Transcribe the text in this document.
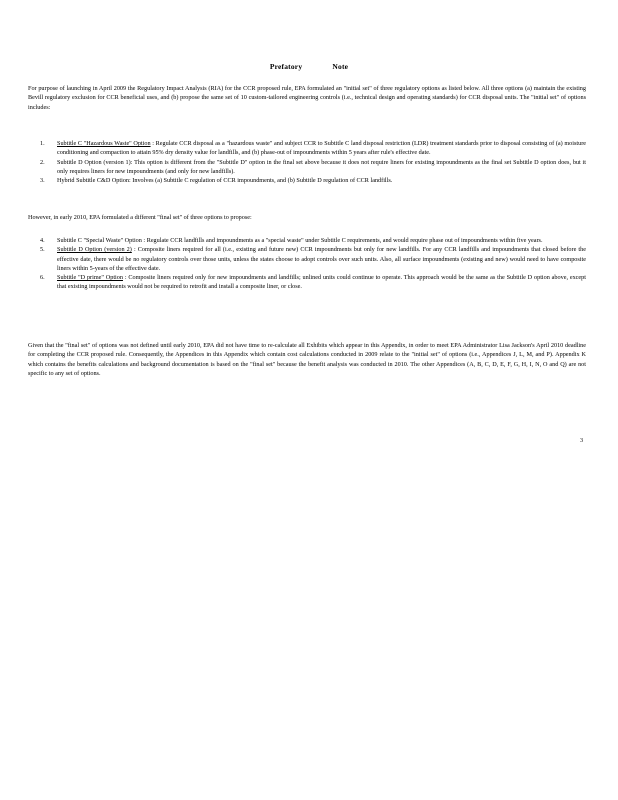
Prefatory	Note
For purpose of launching in April 2009 the Regulatory Impact Analysis (RIA) for the CCR proposed rule, EPA formulated an "initial set" of three regulatory options as listed below. All three options (a) maintain the existing Bevill regulatory exclusion for CCR beneficial uses, and (b) propose the same set of 10 custom-tailored engineering controls (i.e., technical design and operating standards) for CCR disposal units. The "initial set" of options includes:
1. Subtitle C "Hazardous Waste" Option : Regulate CCR disposal as a "hazardous waste" and subject CCR to Subtitle C land disposal restriction (LDR) treatment standards prior to disposal consisting of (a) moisture conditioning and compaction to attain 95% dry density value for landfills, and (b) phase-out of impoundments within 5 years after rule's effective date.
2. Subtitle D Option (version 1): This option is different from the "Subtitle D" option in the final set above because it does not require liners for existing impoundments as the final set Subtitle D option does, but it only requires liners for new impoundments (and only for new landfills).
3. Hybrid Subtitle C&D Option: Involves (a) Subtitle C regulation of CCR impoundments, and (b) Subtitle D regulation of CCR landfills.
However, in early 2010, EPA formulated a different "final set" of three options to propose:
4. Subtitle C "Special Waste" Option : Regulate CCR landfills and impoundments as a "special waste" under Subtitle C requirements, and would require phase out of impoundments within five years.
5. Subtitle D Option (version 2) : Composite liners required for all (i.e., existing and future new) CCR impoundments but only for new landfills. For any CCR landfills and impoundments that closed before the effective date, there would be no regulatory controls over those units, unless the states choose to adopt controls over such units. Also, all surface impoundments (existing and new) would need to have composite liners within 5-years of the effective date.
6. Subtitle "D prime" Option : Composite liners required only for new impoundments and landfills; unlined units could continue to operate. This approach would be the same as the Subtitle D option above, except that existing impoundments would not be required to retrofit and install a composite liner, or close.
Given that the "final set" of options was not defined until early 2010, EPA did not have time to re-calculate all Exhibits which appear in this Appendix, in order to meet EPA Administrator Lisa Jackson's April 2010 deadline for completing the CCR proposed rule. Consequently, the Appendices in this Appendix which contain cost calculations conducted in 2009 relate to the "initial set" of options (i.e., Appendices J, L, M, and P). Appendix K which contains the benefits calculations and background documentation is based on the "final set" because the benefit analysis was conducted in 2010. The other Appendices (A, B, C, D, E, F, G, H, I, N, O and Q) are not specific to any set of options.
3
